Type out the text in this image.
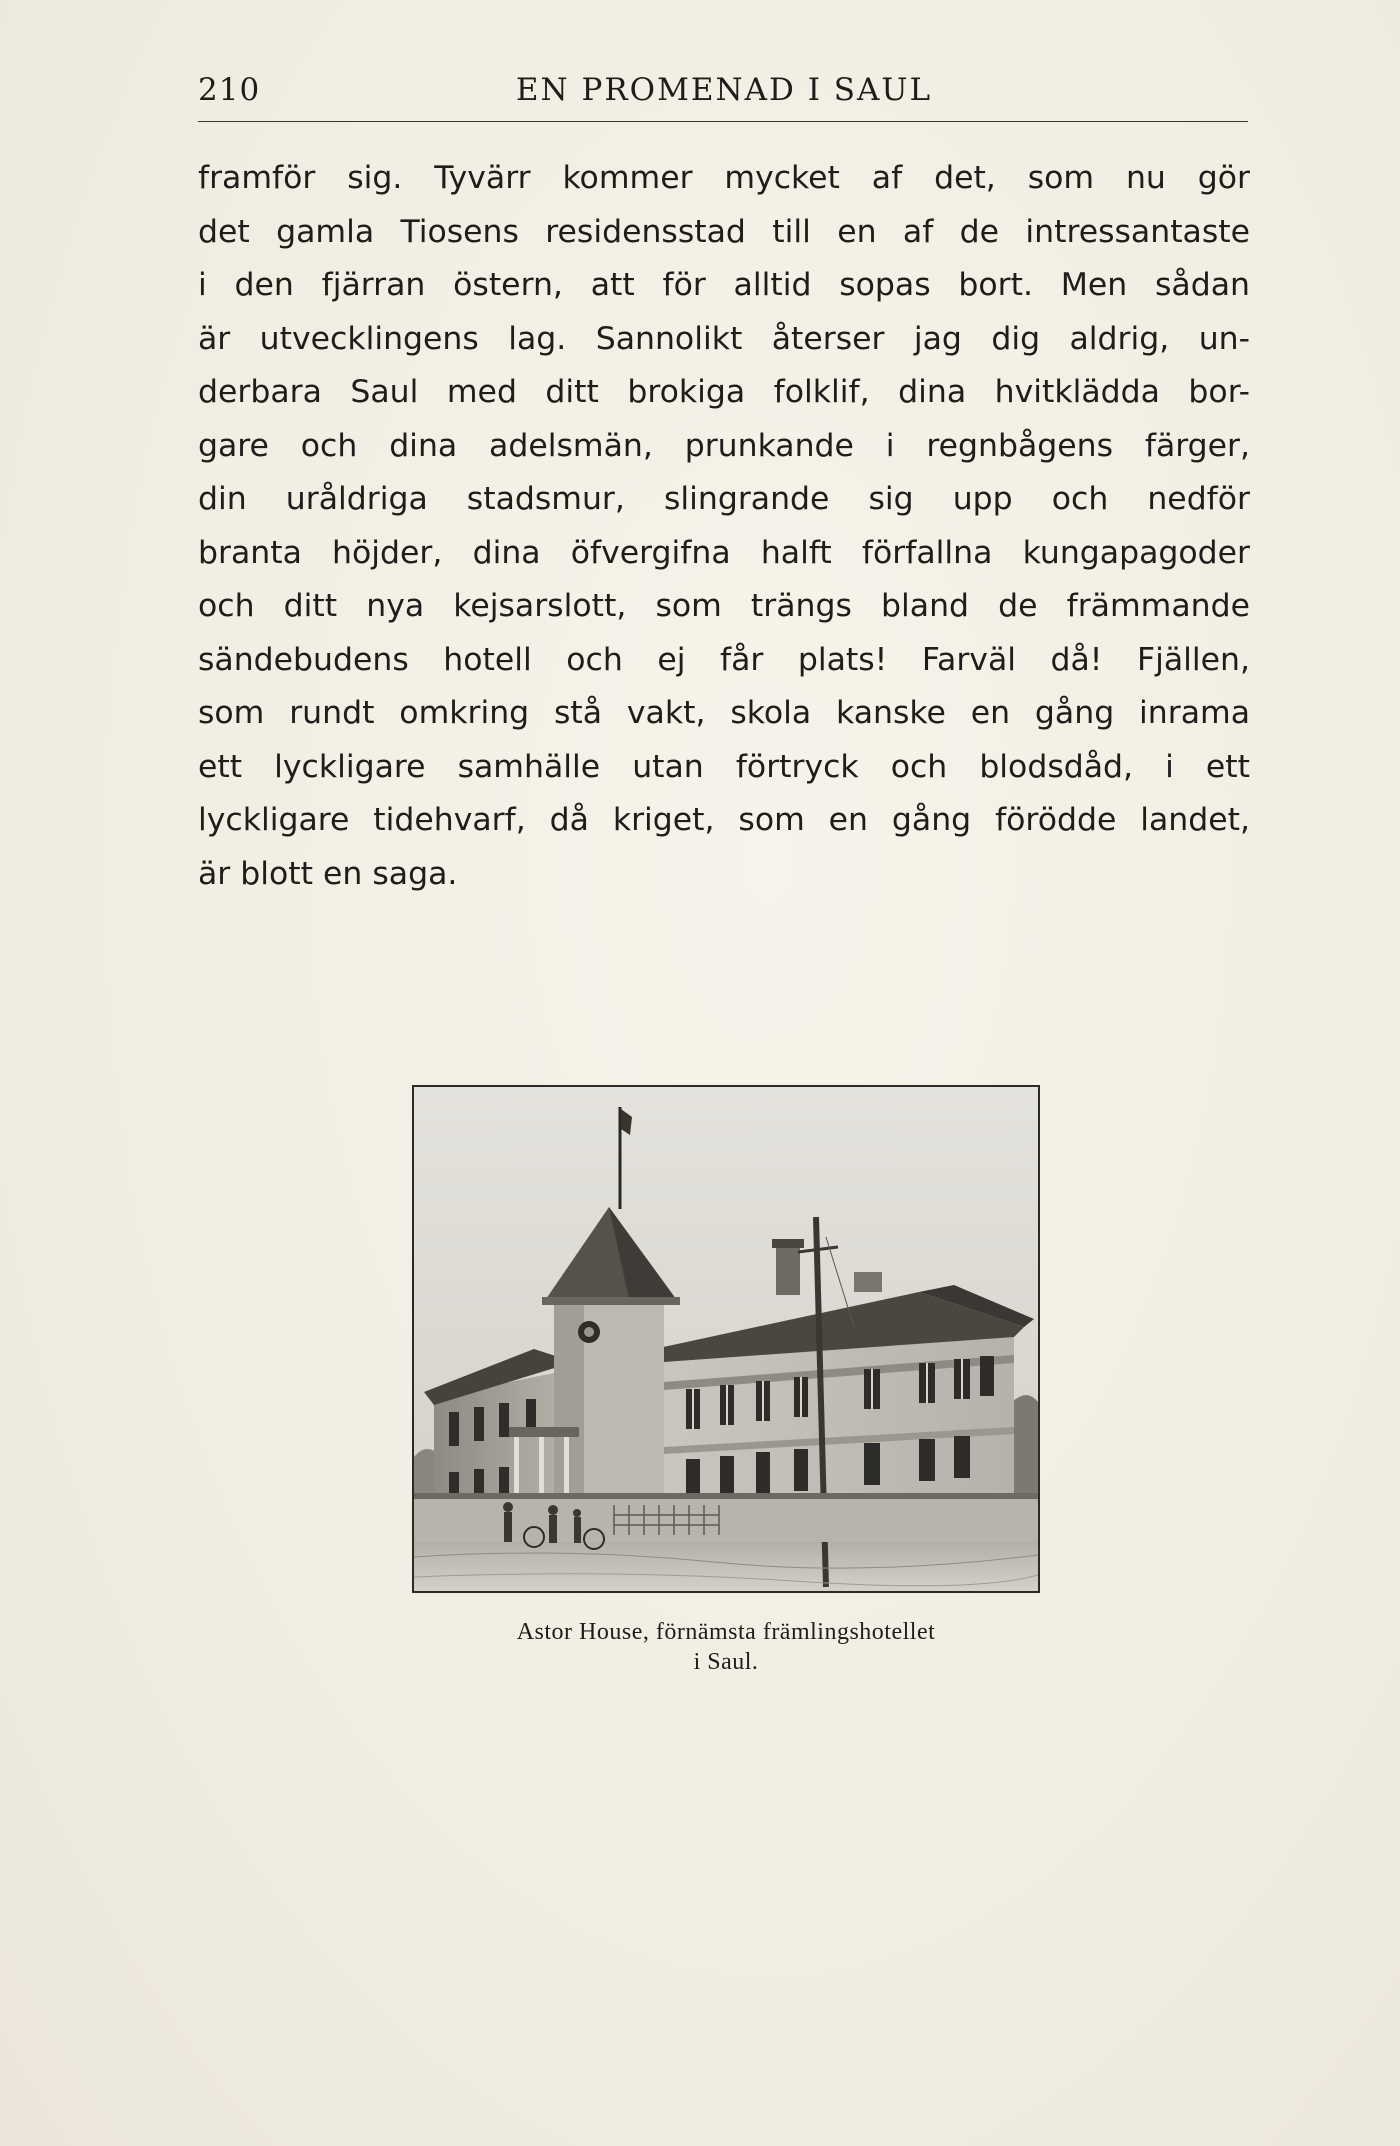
210	EN PROMENAD I SAUL
framför sig. Tyvärr kommer mycket af det, som nu gör
det gamla Tiosens residensstad till en af de intressantaste
i den fjärran östern, att för alltid sopas bort. Men sådan
är utvecklingens lag. Sannolikt återser jag dig aldrig, un-
derbara Saul med ditt brokiga folklif, dina hvitklädda bor-
gare och dina adelsmän, prunkande i regnbågens färger,
din uråldriga stadsmur, slingrande sig upp och nedför
branta höjder, dina öfvergifna halft förfallna kungapagoder
och ditt nya kejsarslott, som trängs bland de främmande
sändebudens hotell och ej får plats! Farväl då! Fjällen,
som rundt omkring stå vakt, skola kanske en gång inrama
ett lyckligare samhälle utan förtryck och blodsdåd, i ett
lyckligare tidehvarf, då kriget, som en gång förödde landet,
är blott en saga.
Astor House, förnämsta främlingshotellet
i Saul.
